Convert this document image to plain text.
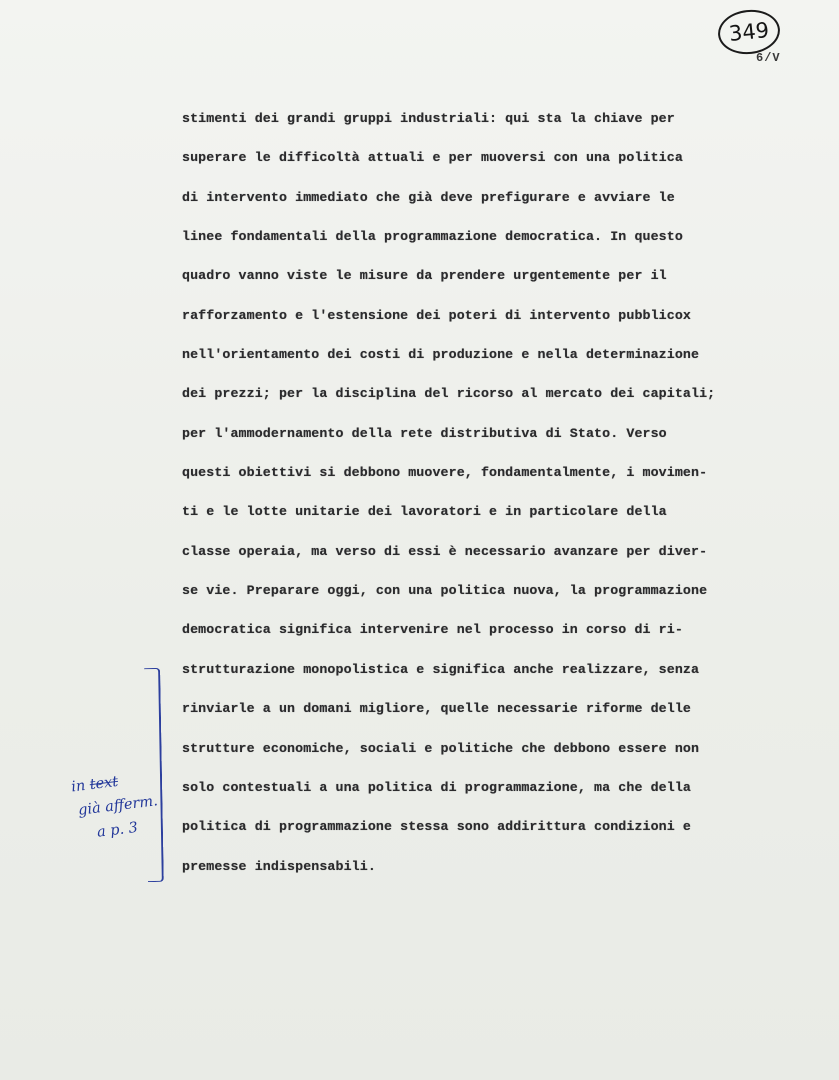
349
6/V
stimenti dei grandi gruppi industriali: qui sta la chiave per
superare le difficoltà attuali e per muoversi con una politica
di intervento immediato che già deve prefigurare e avviare le
linee fondamentali della programmazione democratica. In questo
quadro vanno viste le misure da prendere urgentemente per il
rafforzamento e l'estensione dei poteri di intervento pubblicox
nell'orientamento dei costi di produzione e nella determinazione
dei prezzi; per la disciplina del ricorso al mercato dei capitali;
per l'ammodernamento della rete distributiva di Stato. Verso
questi obiettivi si debbono muovere, fondamentalmente, i movimen-
ti e le lotte unitarie dei lavoratori e in particolare della
classe operaia, ma verso di essi è necessario avanzare per diver-
se vie. Preparare oggi, con una politica nuova, la programmazione
democratica significa intervenire nel processo in corso di ri-
strutturazione monopolistica e significa anche realizzare, senza
rinviarle a un domani migliore, quelle necessarie riforme delle
strutture economiche, sociali e politiche che debbono essere non
solo contestuali a una politica di programmazione, ma che della
politica di programmazione stessa sono addirittura condizioni e
premesse indispensabili.
in text
già afferm.
a p. 3
